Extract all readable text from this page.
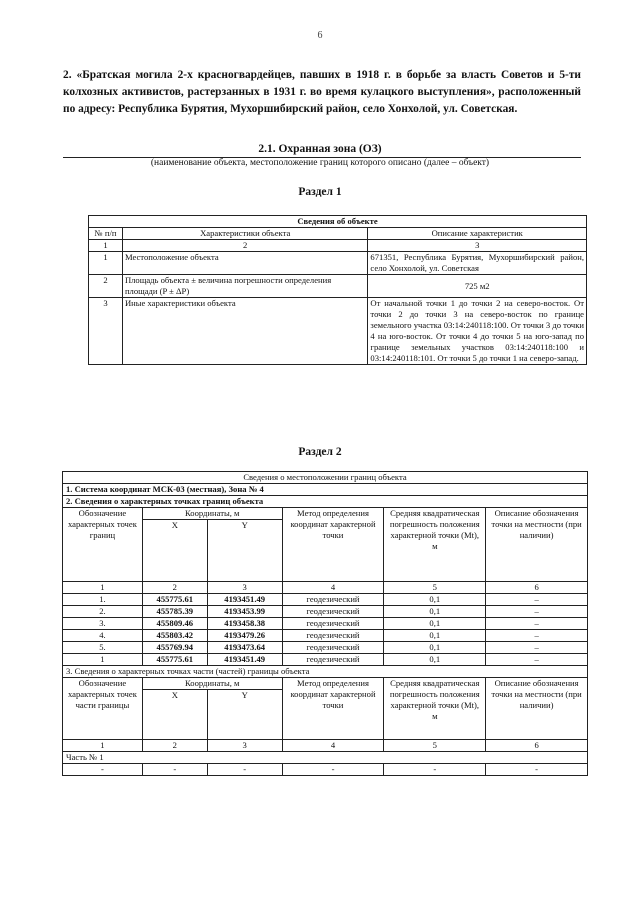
6
2. «Братская могила 2-х красногвардейцев, павших в 1918 г. в борьбе за власть Советов и 5-ти колхозных активистов, растерзанных в 1931 г. во время кулацкого выступления», расположенный по адресу: Республика Бурятия, Мухоршибирский район, село Хонхолой, ул. Советская.
2.1. Охранная зона (ОЗ)
(наименование объекта, местоположение границ которого описано (далее – объект)
Раздел 1
Сведения об объекте		
№ п/п	Характеристики объекта	Описание характеристик
1	2	3
1	Местоположение объекта	671351, Республика Бурятия, Мухоршибирский район, село Хонхолой, ул. Советская
2	Площадь объекта ± величина погрешности определения площади (P ± ΔP)	725 м2
3	Иные характеристики объекта	От начальной точки 1 до точки 2 на северо-восток. От точки 2 до точки 3 на северо-восток по границе земельного участка 03:14:240118:100. От точки 3 до точки 4 на юго-восток. От точки 4 до точки 5 на юго-запад по границе земельных участков 03:14:240118:100 и 03:14:240118:101. От точки 5 до точки 1 на северо-запад.
Раздел 2
Сведения о местоположении границ объекта					
1. Система координат МСК-03 (местная), Зона № 4					
2. Сведения о характерных точках границ объекта					
Обозначение характерных точек границ	Координаты, м		Метод определения координат характерной точки	Средняя квадратическая погрешность положения характерной точки (Mt), м	Описание обозначения точки на местности (при наличии)
	X	Y			
1	2	3	4	5	6
1.	455775.61	4193451.49	геодезический	0,1	–
2.	455785.39	4193453.99	геодезический	0,1	–
3.	455809.46	4193458.38	геодезический	0,1	–
4.	455803.42	4193479.26	геодезический	0,1	–
5.	455769.94	4193473.64	геодезический	0,1	–
1	455775.61	4193451.49	геодезический	0,1	–
3. Сведения о характерных точках части (частей) границы объекта					
Обозначение характерных точек части границы	Координаты, м		Метод определения координат характерной точки	Средняя квадратическая погрешность положения характерной точки (Mt), м	Описание обозначения точки на местности (при наличии)
	X	Y			
1	2	3	4	5	6
Часть № 1					
-	-	-	-	-	-
